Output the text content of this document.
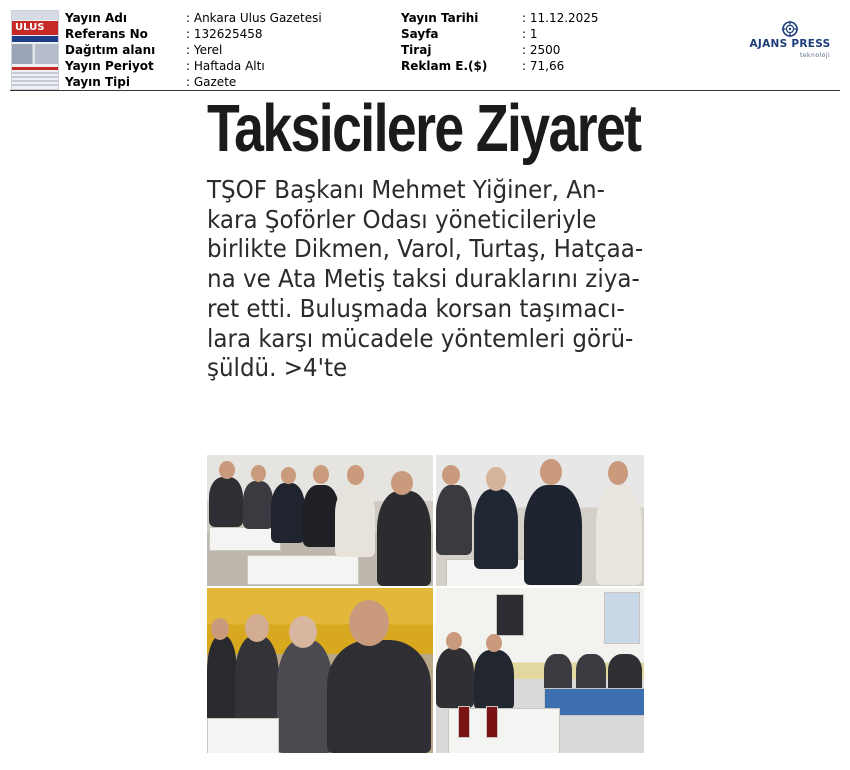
ULUS
Yayın Adı	: Ankara Ulus Gazetesi
Referans No	: 132625458
Dağıtım alanı	: Yerel
Yayın Periyot	: Haftada Altı
Yayın Tipi	: Gazete
Yayın Tarihi	: 11.12.2025
Sayfa	: 1
Tiraj	: 2500
Reklam E.($)	: 71,66
AJANS PRESS
teknoloji
Taksicilere Ziyaret
TŞOF Başkanı Mehmet Yiğiner, An-
kara Şoförler Odası yöneticileriyle
birlikte Dikmen, Varol, Turtaş, Hatçaa-
na ve Ata Metiş taksi duraklarını ziya-
ret etti. Buluşmada korsan taşımacı-
lara karşı mücadele yöntemleri görü-
şüldü. >4'te
